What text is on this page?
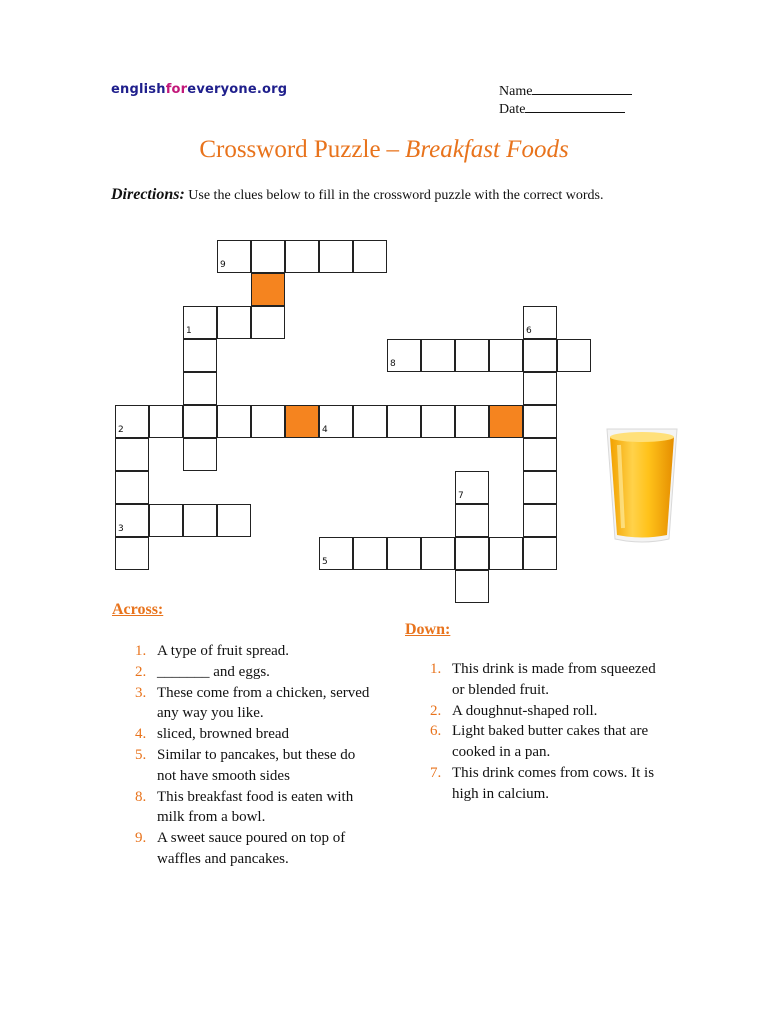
englishforeveryone.org	Name
Date
Crossword Puzzle – Breakfast Foods
Directions: Use the clues below to fill in the crossword puzzle with the correct words.
9
1	6
8
2	4
7
3
5
Across:
1. A type of fruit spread.
2. _______ and eggs.
3. These come from a chicken, served any way you like.
4. sliced, browned bread
5. Similar to pancakes, but these do not have smooth sides
8. This breakfast food is eaten with milk from a bowl.
9. A sweet sauce poured on top of waffles and pancakes.
Down:
1. This drink is made from squeezed or blended fruit.
2. A doughnut-shaped roll.
6. Light baked butter cakes that are cooked in a pan.
7. This drink comes from cows. It is high in calcium.
